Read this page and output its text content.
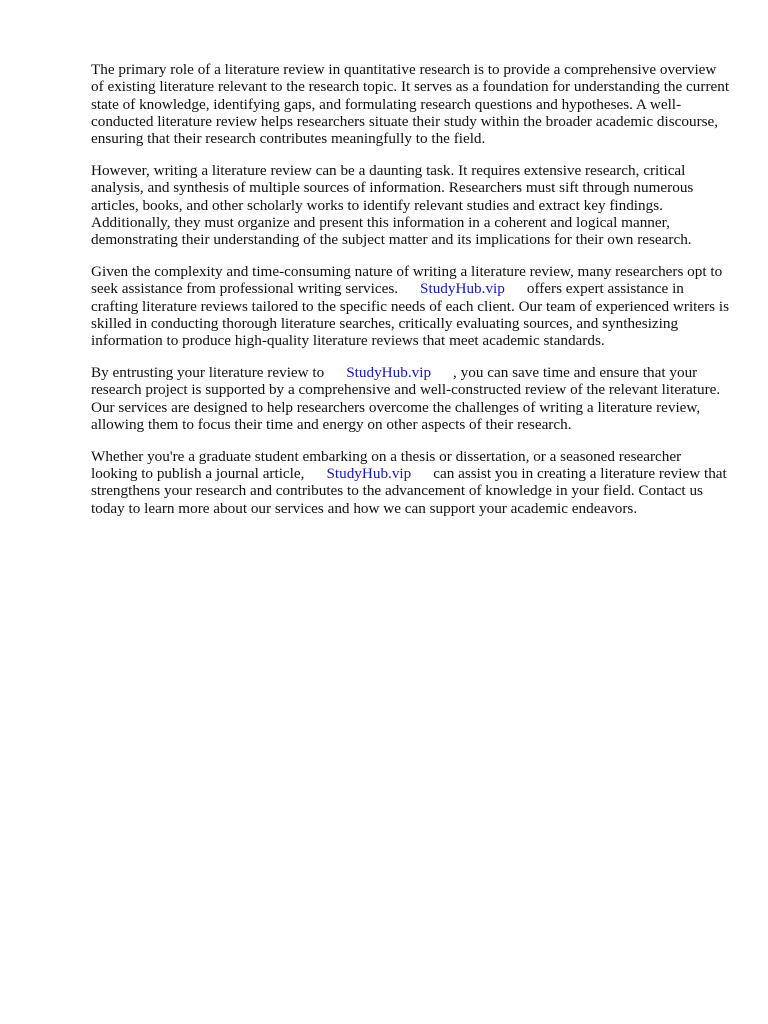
The primary role of a literature review in quantitative research is to provide a comprehensive overview of existing literature relevant to the research topic. It serves as a foundation for understanding the current state of knowledge, identifying gaps, and formulating research questions and hypotheses. A well-conducted literature review helps researchers situate their study within the broader academic discourse, ensuring that their research contributes meaningfully to the field.

However, writing a literature review can be a daunting task. It requires extensive research, critical analysis, and synthesis of multiple sources of information. Researchers must sift through numerous articles, books, and other scholarly works to identify relevant studies and extract key findings. Additionally, they must organize and present this information in a coherent and logical manner, demonstrating their understanding of the subject matter and its implications for their own research.

Given the complexity and time-consuming nature of writing a literature review, many researchers opt to seek assistance from professional writing services. StudyHub.vip offers expert assistance in crafting literature reviews tailored to the specific needs of each client. Our team of experienced writers is skilled in conducting thorough literature searches, critically evaluating sources, and synthesizing information to produce high-quality literature reviews that meet academic standards.

By entrusting your literature review to StudyHub.vip , you can save time and ensure that your research project is supported by a comprehensive and well-constructed review of the relevant literature. Our services are designed to help researchers overcome the challenges of writing a literature review, allowing them to focus their time and energy on other aspects of their research.

Whether you're a graduate student embarking on a thesis or dissertation, or a seasoned researcher looking to publish a journal article, StudyHub.vip can assist you in creating a literature review that strengthens your research and contributes to the advancement of knowledge in your field. Contact us today to learn more about our services and how we can support your academic endeavors.
